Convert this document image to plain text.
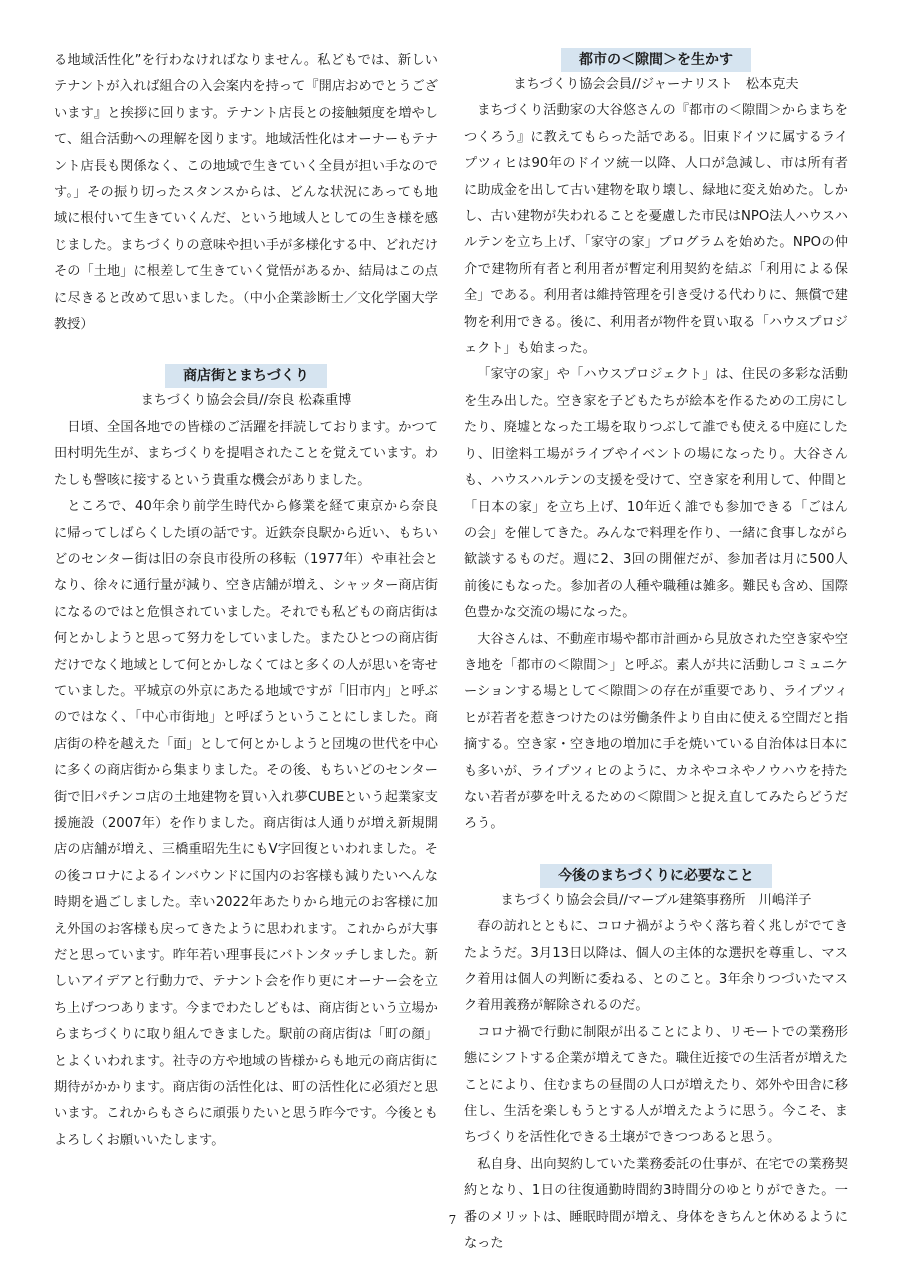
る地域活性化”を行わなければなりません。私どもでは、新しいテナントが入れば組合の入会案内を持って『開店おめでとうございます』と挨拶に回ります。テナント店長との接触頻度を増やして、組合活動への理解を図ります。地域活性化はオーナーもテナント店長も関係なく、この地域で生きていく全員が担い手なのです。」その振り切ったスタンスからは、どんな状況にあっても地域に根付いて生きていくんだ、という地域人としての生き様を感じました。まちづくりの意味や担い手が多様化する中、どれだけその「土地」に根差して生きていく覚悟があるか、結局はこの点に尽きると改めて思いました。（中小企業診断士／文化学園大学教授）

商店街とまちづくり

まちづくり協会会員//奈良 松森重博

日頃、全国各地での皆様のご活躍を拝読しております。かつて田村明先生が、まちづくりを提唱されたことを覚えています。わたしも謦咳に接するという貴重な機会がありました。

ところで、40年余り前学生時代から修業を経て東京から奈良に帰ってしばらくした頃の話です。近鉄奈良駅から近い、もちいどのセンター街は旧の奈良市役所の移転（1977年）や車社会となり、徐々に通行量が減り、空き店舗が増え、シャッター商店街になるのではと危惧されていました。それでも私どもの商店街は何とかしようと思って努力をしていました。またひとつの商店街だけでなく地域として何とかしなくてはと多くの人が思いを寄せていました。平城京の外京にあたる地域ですが「旧市内」と呼ぶのではなく、「中心市街地」と呼ぼうということにしました。商店街の枠を越えた「面」として何とかしようと団塊の世代を中心に多くの商店街から集まりました。その後、もちいどのセンター街で旧パチンコ店の土地建物を買い入れ夢CUBEという起業家支援施設（2007年）を作りました。商店街は人通りが増え新規開店の店舗が増え、三橋重昭先生にもV字回復といわれました。その後コロナによるインバウンドに国内のお客様も減りたいへんな時期を過ごしました。幸い2022年あたりから地元のお客様に加え外国のお客様も戻ってきたように思われます。これからが大事だと思っています。昨年若い理事長にバトンタッチしました。新しいアイデアと行動力で、テナント会を作り更にオーナー会を立ち上げつつあります。今までわたしどもは、商店街という立場からまちづくりに取り組んできました。駅前の商店街は「町の顔」とよくいわれます。社寺の方や地域の皆様からも地元の商店街に期待がかかります。商店街の活性化は、町の活性化に必須だと思います。これからもさらに頑張りたいと思う昨今です。今後ともよろしくお願いいたします。

都市の＜隙間＞を生かす

まちづくり協会会員//ジャーナリスト　松本克夫

まちづくり活動家の大谷悠さんの『都市の＜隙間＞からまちをつくろう』に教えてもらった話である。旧東ドイツに属するライプツィヒは90年のドイツ統一以降、人口が急減し、市は所有者に助成金を出して古い建物を取り壊し、緑地に変え始めた。しかし、古い建物が失われることを憂慮した市民はNPO法人ハウスハルテンを立ち上げ、「家守の家」プログラムを始めた。NPOの仲介で建物所有者と利用者が暫定利用契約を結ぶ「利用による保全」である。利用者は維持管理を引き受ける代わりに、無償で建物を利用できる。後に、利用者が物件を買い取る「ハウスプロジェクト」も始まった。

「家守の家」や「ハウスプロジェクト」は、住民の多彩な活動を生み出した。空き家を子どもたちが絵本を作るための工房にしたり、廃墟となった工場を取りつぶして誰でも使える中庭にしたり、旧塗料工場がライブやイベントの場になったり。大谷さんも、ハウスハルテンの支援を受けて、空き家を利用して、仲間と「日本の家」を立ち上げ、10年近く誰でも参加できる「ごはんの会」を催してきた。みんなで料理を作り、一緒に食事しながら歓談するものだ。週に2、3回の開催だが、参加者は月に500人前後にもなった。参加者の人種や職種は雑多。難民も含め、国際色豊かな交流の場になった。

大谷さんは、不動産市場や都市計画から見放された空き家や空き地を「都市の＜隙間＞」と呼ぶ。素人が共に活動しコミュニケーションする場として＜隙間＞の存在が重要であり、ライプツィヒが若者を惹きつけたのは労働条件より自由に使える空間だと指摘する。空き家・空き地の増加に手を焼いている自治体は日本にも多いが、ライプツィヒのように、カネやコネやノウハウを持たない若者が夢を叶えるための＜隙間＞と捉え直してみたらどうだろう。

今後のまちづくりに必要なこと

まちづくり協会会員//マーブル建築事務所　川嶋洋子

春の訪れとともに、コロナ禍がようやく落ち着く兆しがでてきたようだ。3月13日以降は、個人の主体的な選択を尊重し、マスク着用は個人の判断に委ねる、とのこと。3年余りつづいたマスク着用義務が解除されるのだ。

コロナ禍で行動に制限が出ることにより、リモートでの業務形態にシフトする企業が増えてきた。職住近接での生活者が増えたことにより、住むまちの昼間の人口が増えたり、郊外や田舎に移住し、生活を楽しもうとする人が増えたように思う。今こそ、まちづくりを活性化できる土壌ができつつあると思う。

私自身、出向契約していた業務委託の仕事が、在宅での業務契約となり、1日の往復通勤時間約3時間分のゆとりができた。一番のメリットは、睡眠時間が増え、身体をきちんと休めるようになった

7
